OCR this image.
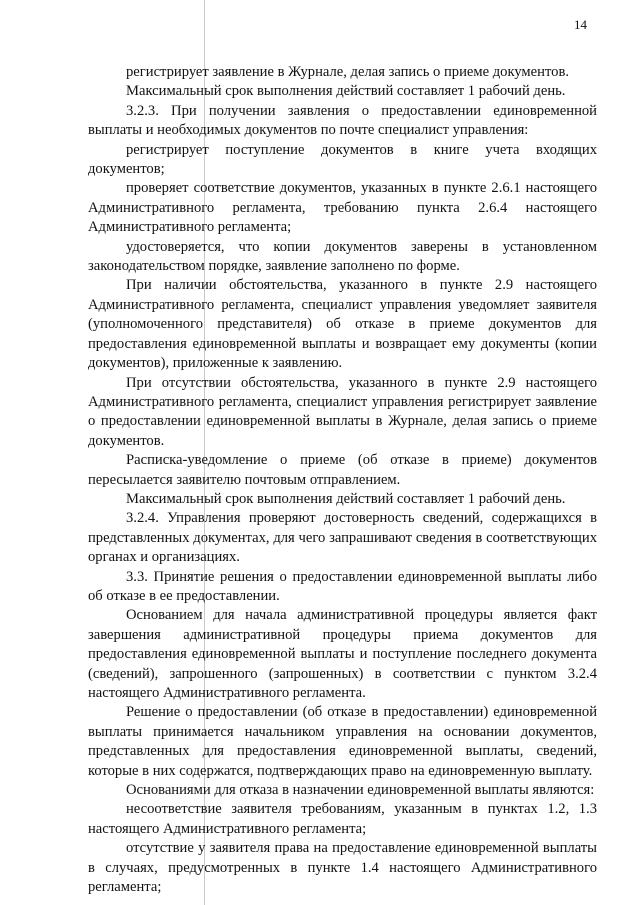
14

регистрирует заявление в Журнале, делая запись о приеме документов.

Максимальный срок выполнения действий составляет 1 рабочий день.

3.2.3. При получении заявления о предоставлении единовременной выплаты и необходимых документов по почте специалист управления:

регистрирует поступление документов в книге учета входящих документов;

проверяет соответствие документов, указанных в пункте 2.6.1 настоящего Административного регламента, требованию пункта 2.6.4 настоящего Административного регламента;

удостоверяется, что копии документов заверены в установленном законодательством порядке, заявление заполнено по форме.

При наличии обстоятельства, указанного в пункте 2.9 настоящего Административного регламента, специалист управления уведомляет заявителя (уполномоченного представителя) об отказе в приеме документов для предоставления единовременной выплаты и возвращает ему документы (копии документов), приложенные к заявлению.

При отсутствии обстоятельства, указанного в пункте 2.9 настоящего Административного регламента, специалист управления регистрирует заявление о предоставлении единовременной выплаты в Журнале, делая запись о приеме документов.

Расписка-уведомление о приеме (об отказе в приеме) документов пересылается заявителю почтовым отправлением.

Максимальный срок выполнения действий составляет 1 рабочий день.

3.2.4. Управления проверяют достоверность сведений, содержащихся в представленных документах, для чего запрашивают сведения в соответствующих органах и организациях.

3.3. Принятие решения о предоставлении единовременной выплаты либо об отказе в ее предоставлении.

Основанием для начала административной процедуры является факт завершения административной процедуры приема документов для предоставления единовременной выплаты и поступление последнего документа (сведений), запрошенного (запрошенных) в соответствии с пунктом 3.2.4 настоящего Административного регламента.

Решение о предоставлении (об отказе в предоставлении) единовременной выплаты принимается начальником управления на основании документов, представленных для предоставления единовременной выплаты, сведений, которые в них содержатся, подтверждающих право на единовременную выплату.

Основаниями для отказа в назначении единовременной выплаты являются:

несоответствие заявителя требованиям, указанным в пунктах 1.2, 1.3 настоящего Административного регламента;

отсутствие у заявителя права на предоставление единовременной выплаты в случаях, предусмотренных в пункте 1.4 настоящего Административного регламента;
